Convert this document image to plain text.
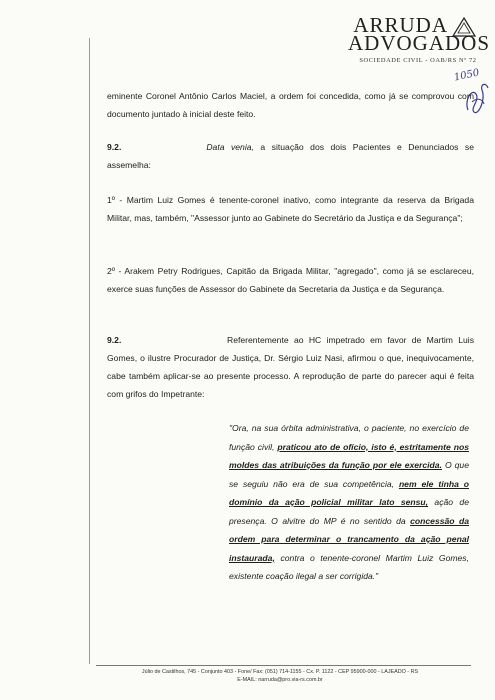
ARRUDA
ADVOGADOS
SOCIEDADE CIVIL - OAB/RS Nº 72
1050
eminente Coronel Antônio Carlos Maciel, a ordem foi concedida, como já se comprovou com documento juntado à inicial deste feito.
9.2.	Data venia, a situação dos dois Pacientes e Denunciados se assemelha:
1º - Martim Luiz Gomes é tenente-coronel inativo, como integrante da reserva da Brigada Militar, mas, também, "Assessor junto ao Gabinete do Secretário da Justiça e da Segurança";
2º - Arakem Petry Rodrigues, Capitão da Brigada Militar, "agregado", como já se esclareceu, exerce suas funções de Assessor do Gabinete da Secretaria da Justiça e da Segurança.
9.2.	Referentemente ao HC impetrado em favor de Martim Luis Gomes, o ilustre Procurador de Justiça, Dr. Sérgio Luiz Nasi, afirmou o que, inequivocamente, cabe também aplicar-se ao presente processo. A reprodução de parte do parecer aqui é feita com grifos do Impetrante:
"Ora, na sua órbita administrativa, o paciente, no exercício de função civil, praticou ato de ofício, isto é, estritamente nos moldes das atribuições da função por ele exercida. O que se seguiu não era de sua competência, nem ele tinha o domínio da ação policial militar lato sensu, ação de presença. O alvitre do MP é no sentido da concessão da ordem para determinar o trancamento da ação penal instaurada, contra o tenente-coronel Martim Luiz Gomes, existente coação ilegal a ser corrigida."
Júlio de Castilhos, 745 - Conjunto 403 - Fone/ Fax: (051) 714-1155 - Cx. P. 1122 - CEP 95900-000 - LAJEADO - RS
E-MAIL: narruda@pro.via-rs.com.br
